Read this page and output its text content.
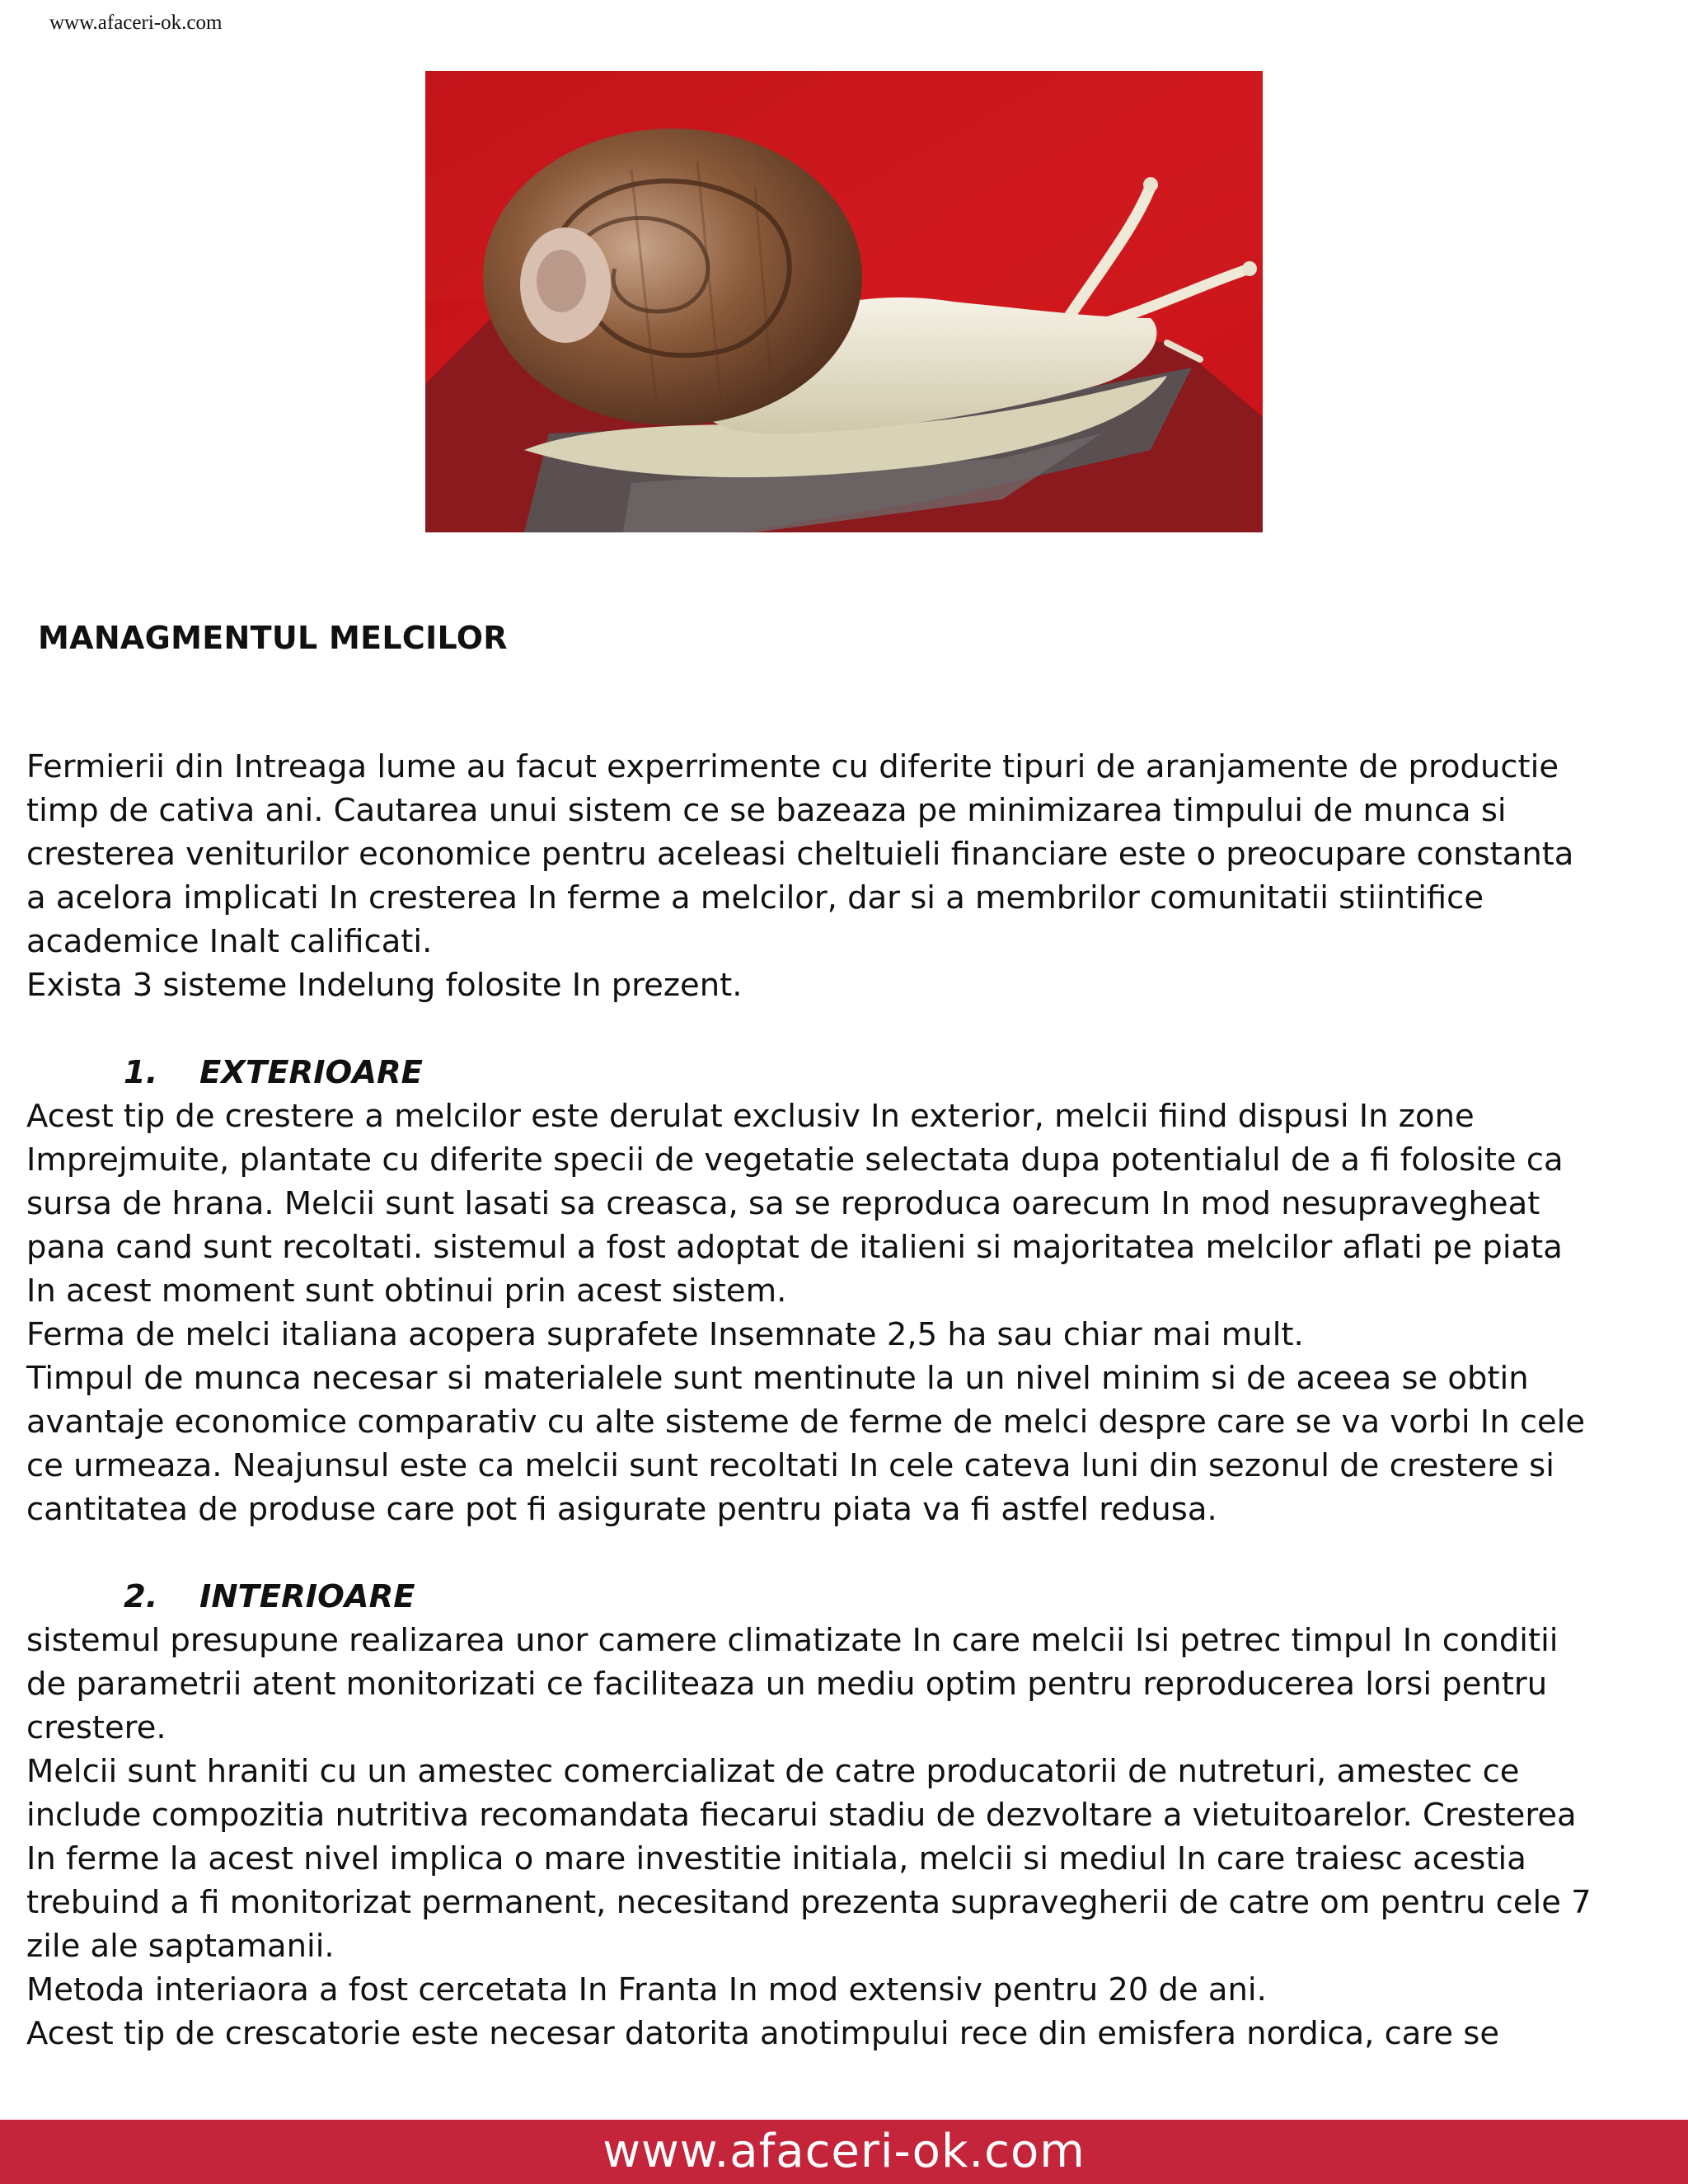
www.afaceri-ok.com
MANAGMENTUL MELCILOR

Fermierii din Intreaga lume au facut experrimente cu diferite tipuri de aranjamente de productie

timp de cativa ani. Cautarea unui sistem ce se bazeaza pe minimizarea timpului de munca si

cresterea veniturilor economice pentru aceleasi cheltuieli financiare este o preocupare constanta

a acelora implicati In cresterea In ferme a melcilor, dar si a membrilor comunitatii stiintifice

academice Inalt calificati.

Exista 3 sisteme Indelung folosite In prezent.

1. EXTERIOARE

Acest tip de crestere a melcilor este derulat exclusiv In exterior, melcii fiind dispusi In zone

Imprejmuite, plantate cu diferite specii de vegetatie selectata dupa potentialul de a fi folosite ca

sursa de hrana. Melcii sunt lasati sa creasca, sa se reproduca oarecum In mod nesupravegheat

pana cand sunt recoltati. sistemul a fost adoptat de italieni si majoritatea melcilor aflati pe piata

In acest moment sunt obtinui prin acest sistem.

Ferma de melci italiana acopera suprafete Insemnate 2,5 ha sau chiar mai mult.

Timpul de munca necesar si materialele sunt mentinute la un nivel minim si de aceea se obtin

avantaje economice comparativ cu alte sisteme de ferme de melci despre care se va vorbi In cele

ce urmeaza. Neajunsul este ca melcii sunt recoltati In cele cateva luni din sezonul de crestere si

cantitatea de produse care pot fi asigurate pentru piata va fi astfel redusa.

2. INTERIOARE

sistemul presupune realizarea unor camere climatizate In care melcii Isi petrec timpul In conditii

de parametrii atent monitorizati ce faciliteaza un mediu optim pentru reproducerea lorsi pentru

crestere.

Melcii sunt hraniti cu un amestec comercializat de catre producatorii de nutreturi, amestec ce

include compozitia nutritiva recomandata fiecarui stadiu de dezvoltare a vietuitoarelor. Cresterea

In ferme la acest nivel implica o mare investitie initiala, melcii si mediul In care traiesc acestia

trebuind a fi monitorizat permanent, necesitand prezenta supravegherii de catre om pentru cele 7

zile ale saptamanii.

Metoda interiaora a fost cercetata In Franta In mod extensiv pentru 20 de ani.

Acest tip de crescatorie este necesar datorita anotimpului rece din emisfera nordica, care se

www.afaceri-ok.com
